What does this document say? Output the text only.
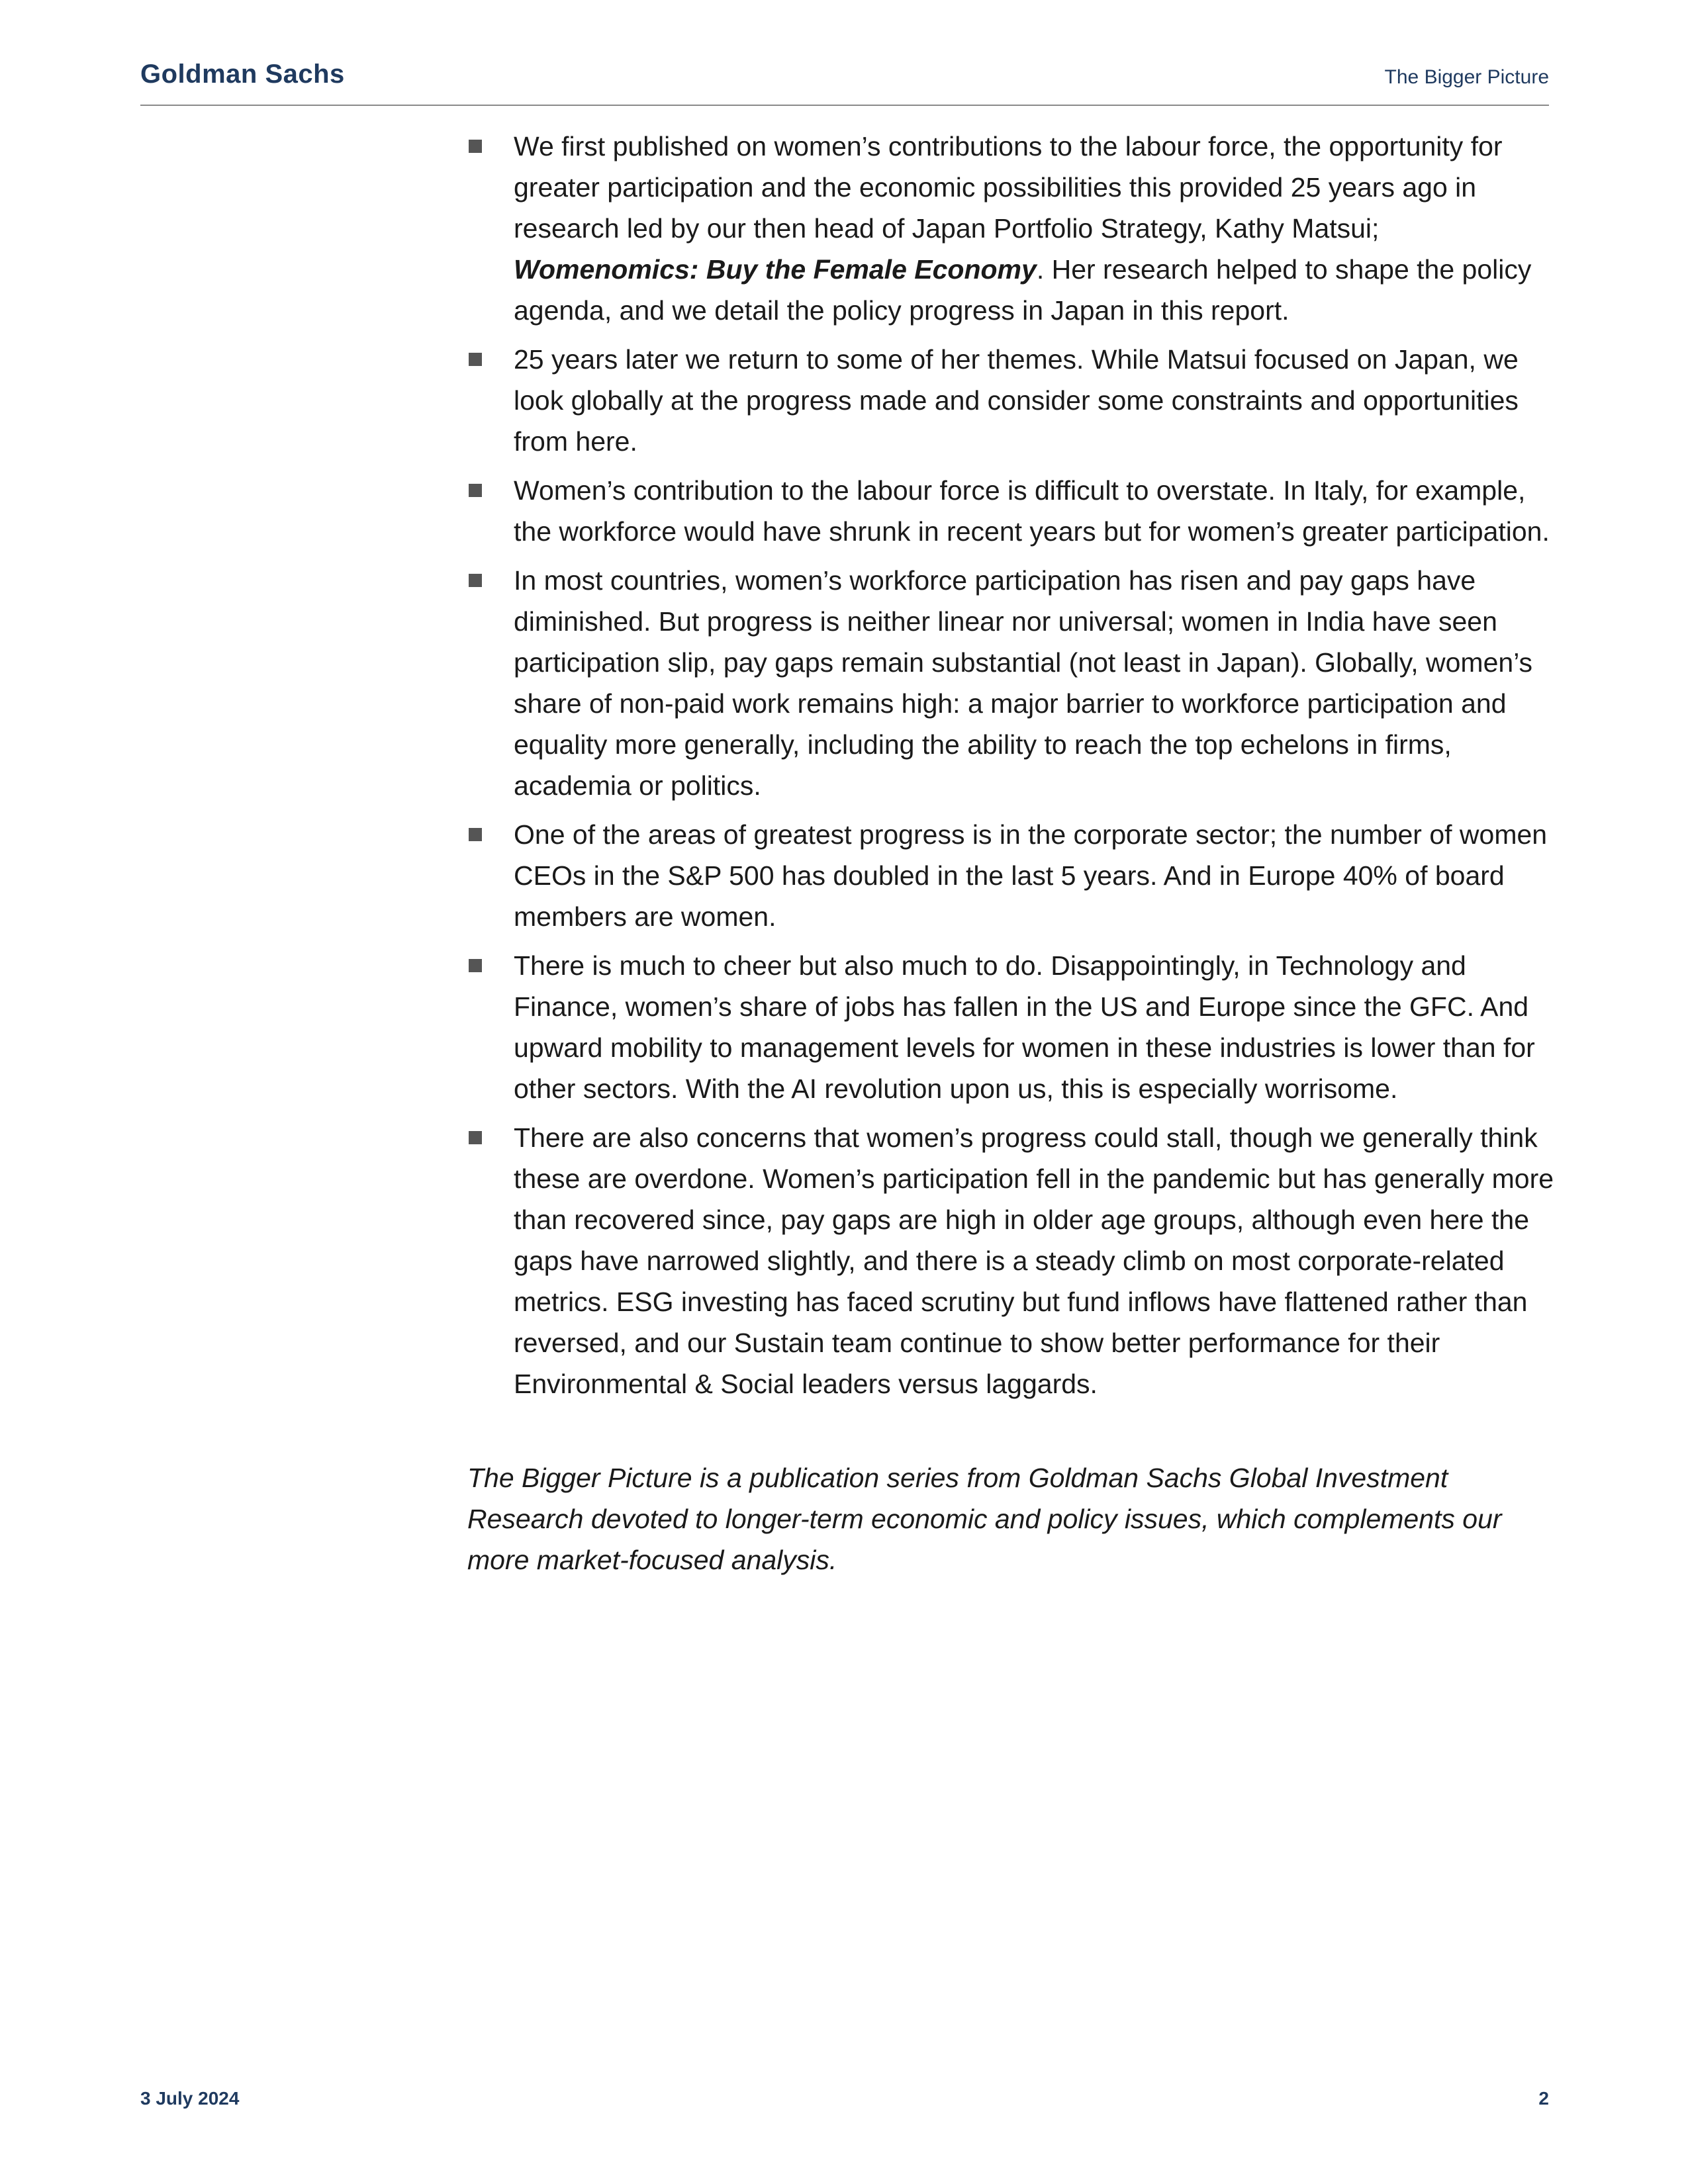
Goldman Sachs	The Bigger Picture
We first published on women’s contributions to the labour force, the opportunity for greater participation and the economic possibilities this provided 25 years ago in research led by our then head of Japan Portfolio Strategy, Kathy Matsui; Womenomics: Buy the Female Economy. Her research helped to shape the policy agenda, and we detail the policy progress in Japan in this report.
25 years later we return to some of her themes. While Matsui focused on Japan, we look globally at the progress made and consider some constraints and opportunities from here.
Women’s contribution to the labour force is difficult to overstate. In Italy, for example, the workforce would have shrunk in recent years but for women’s greater participation.
In most countries, women’s workforce participation has risen and pay gaps have diminished. But progress is neither linear nor universal; women in India have seen participation slip, pay gaps remain substantial (not least in Japan). Globally, women’s share of non-paid work remains high: a major barrier to workforce participation and equality more generally, including the ability to reach the top echelons in firms, academia or politics.
One of the areas of greatest progress is in the corporate sector; the number of women CEOs in the S&P 500 has doubled in the last 5 years. And in Europe 40% of board members are women.
There is much to cheer but also much to do. Disappointingly, in Technology and Finance, women’s share of jobs has fallen in the US and Europe since the GFC. And upward mobility to management levels for women in these industries is lower than for other sectors. With the AI revolution upon us, this is especially worrisome.
There are also concerns that women’s progress could stall, though we generally think these are overdone. Women’s participation fell in the pandemic but has generally more than recovered since, pay gaps are high in older age groups, although even here the gaps have narrowed slightly, and there is a steady climb on most corporate-related metrics. ESG investing has faced scrutiny but fund inflows have flattened rather than reversed, and our Sustain team continue to show better performance for their Environmental & Social leaders versus laggards.

The Bigger Picture is a publication series from Goldman Sachs Global Investment Research devoted to longer-term economic and policy issues, which complements our more market-focused analysis.

3 July 2024	2
